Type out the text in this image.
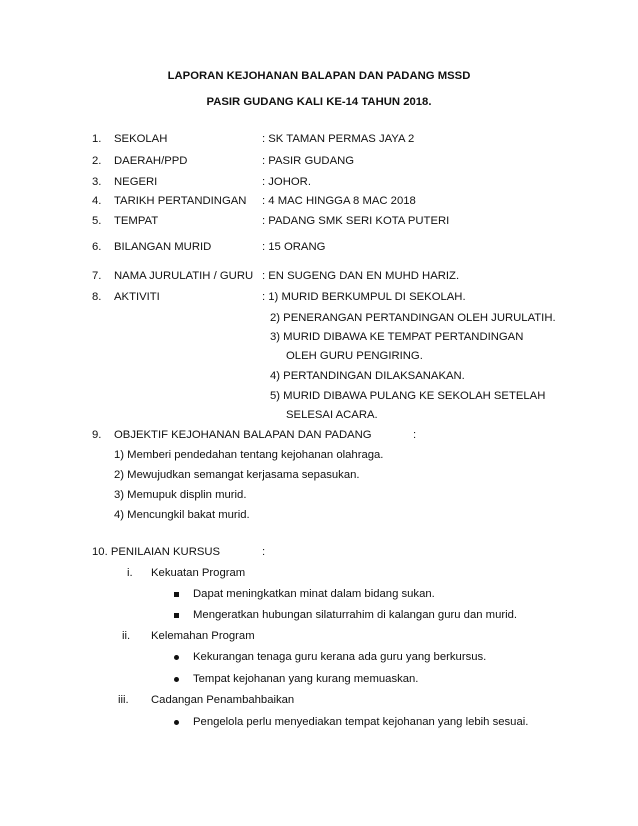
LAPORAN KEJOHANAN BALAPAN DAN PADANG MSSD
PASIR GUDANG KALI KE-14 TAHUN 2018.
1. SEKOLAH	: SK TAMAN PERMAS JAYA 2
2. DAERAH/PPD	: PASIR GUDANG
3. NEGERI	: JOHOR.
4. TARIKH PERTANDINGAN : 4 MAC HINGGA 8 MAC 2018
5. TEMPAT	: PADANG SMK SERI KOTA PUTERI
6. BILANGAN MURID	: 15 ORANG
7. NAMA JURULATIH / GURU : EN SUGENG DAN EN MUHD HARIZ.
8. AKTIVITI	: 1) MURID BERKUMPUL DI SEKOLAH.
2) PENERANGAN PERTANDINGAN OLEH JURULATIH.
3) MURID DIBAWA KE TEMPAT PERTANDINGAN
OLEH GURU PENGIRING.
4) PERTANDINGAN DILAKSANAKAN.
5) MURID DIBAWA PULANG KE SEKOLAH SETELAH
SELESAI ACARA.
9. OBJEKTIF KEJOHANAN BALAPAN DAN PADANG	:
1) Memberi pendedahan tentang kejohanan olahraga.
2) Mewujudkan semangat kerjasama sepasukan.
3) Memupuk displin murid.
4) Mencungkil bakat murid.
10. PENILAIAN KURSUS	:
i. Kekuatan Program
Dapat meningkatkan minat dalam bidang sukan.
Mengeratkan hubungan silaturrahim di kalangan guru dan murid.
ii. Kelemahan Program
Kekurangan tenaga guru kerana ada guru yang berkursus.
Tempat kejohanan yang kurang memuaskan.
iii. Cadangan Penambahbaikan
Pengelola perlu menyediakan tempat kejohanan yang lebih sesuai.
